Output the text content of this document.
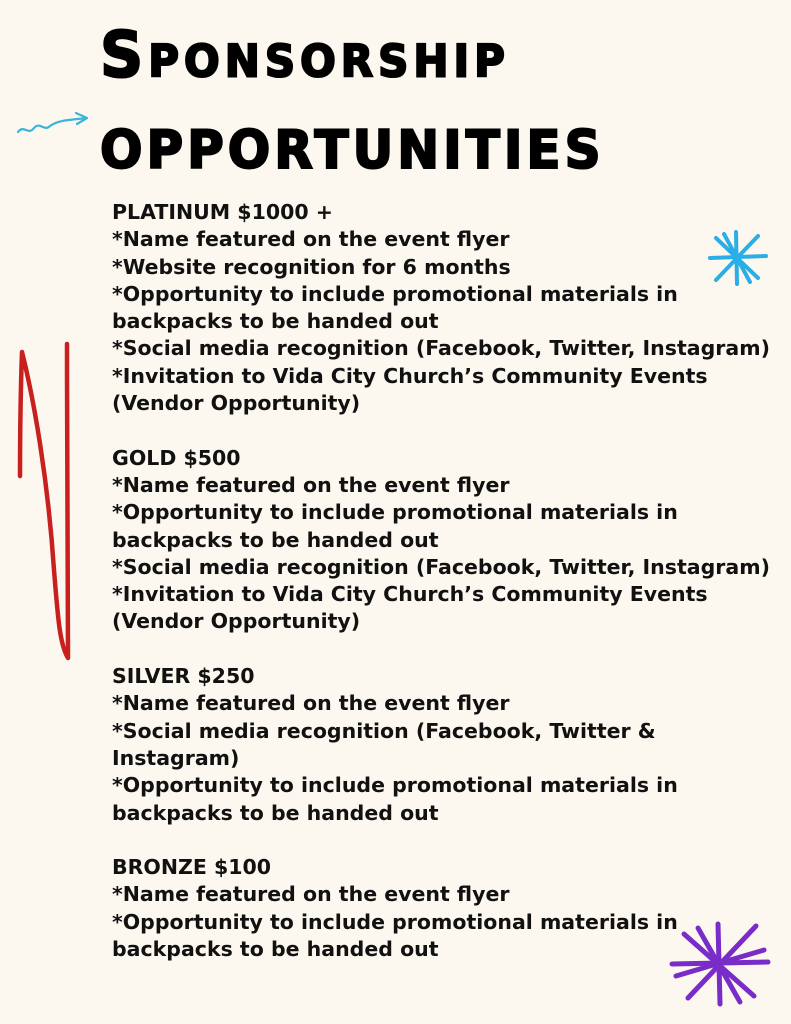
Sponsorship
opportunities
PLATINUM $1000 +
*Name featured on the event flyer
*Website recognition for 6 months
*Opportunity to include promotional materials in backpacks to be handed out
*Social media recognition (Facebook, Twitter, Instagram)
*Invitation to Vida City Church’s Community Events (Vendor Opportunity)
GOLD $500
*Name featured on the event flyer
*Opportunity to include promotional materials in backpacks to be handed out
*Social media recognition (Facebook, Twitter, Instagram)
*Invitation to Vida City Church’s Community Events (Vendor Opportunity)
SILVER $250
*Name featured on the event flyer
*Social media recognition (Facebook, Twitter & Instagram)
*Opportunity to include promotional materials in backpacks to be handed out
BRONZE $100
*Name featured on the event flyer
*Opportunity to include promotional materials in backpacks to be handed out
